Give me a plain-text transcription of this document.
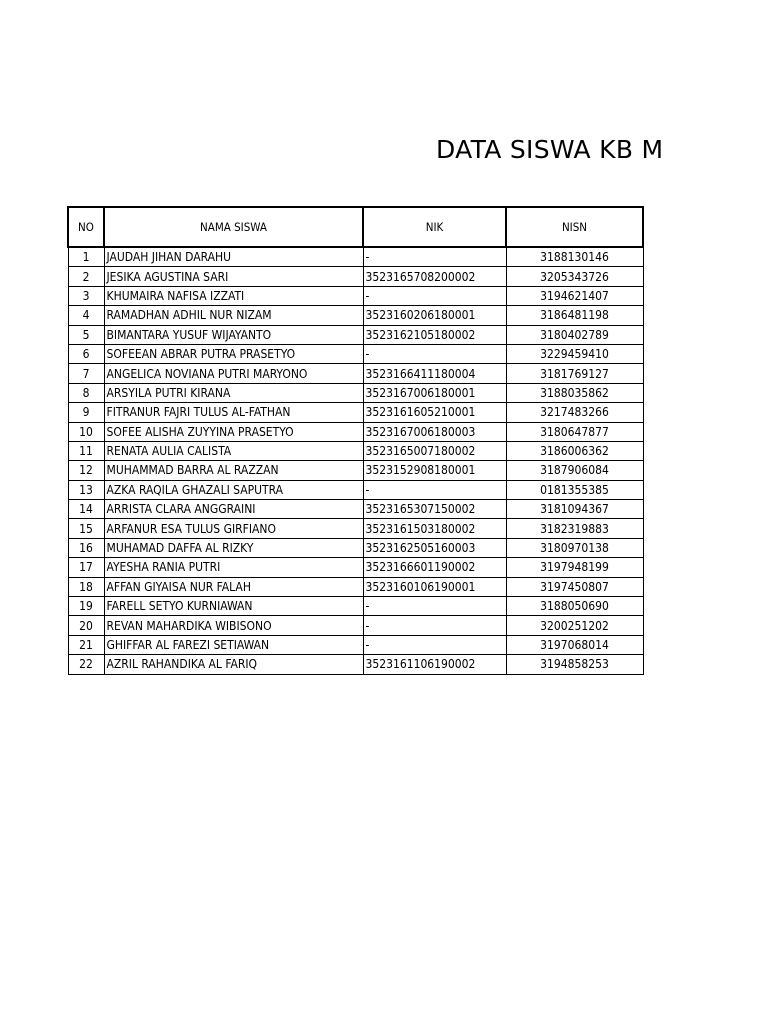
DATA SISWA KB M
NO	NAMA SISWA	NIK	NISN
1	JAUDAH JIHAN DARAHU	-	3188130146
2	JESIKA AGUSTINA SARI	3523165708200002	3205343726
3	KHUMAIRA NAFISA IZZATI	-	3194621407
4	RAMADHAN ADHIL NUR NIZAM	3523160206180001	3186481198
5	BIMANTARA YUSUF WIJAYANTO	3523162105180002	3180402789
6	SOFEEAN ABRAR PUTRA PRASETYO	-	3229459410
7	ANGELICA NOVIANA PUTRI MARYONO	3523166411180004	3181769127
8	ARSYILA PUTRI KIRANA	3523167006180001	3188035862
9	FITRANUR FAJRI TULUS AL-FATHAN	3523161605210001	3217483266
10	SOFEE ALISHA ZUYYINA PRASETYO	3523167006180003	3180647877
11	RENATA AULIA CALISTA	3523165007180002	3186006362
12	MUHAMMAD BARRA AL RAZZAN	3523152908180001	3187906084
13	AZKA RAQILA GHAZALI SAPUTRA	-	0181355385
14	ARRISTA CLARA ANGGRAINI	3523165307150002	3181094367
15	ARFANUR ESA TULUS GIRFIANO	3523161503180002	3182319883
16	MUHAMAD DAFFA AL RIZKY	3523162505160003	3180970138
17	AYESHA RANIA PUTRI	3523166601190002	3197948199
18	AFFAN GIYAISA NUR FALAH	3523160106190001	3197450807
19	FARELL SETYO KURNIAWAN	-	3188050690
20	REVAN MAHARDIKA WIBISONO	-	3200251202
21	GHIFFAR AL FAREZI SETIAWAN	-	3197068014
22	AZRIL RAHANDIKA AL FARIQ	3523161106190002	3194858253
